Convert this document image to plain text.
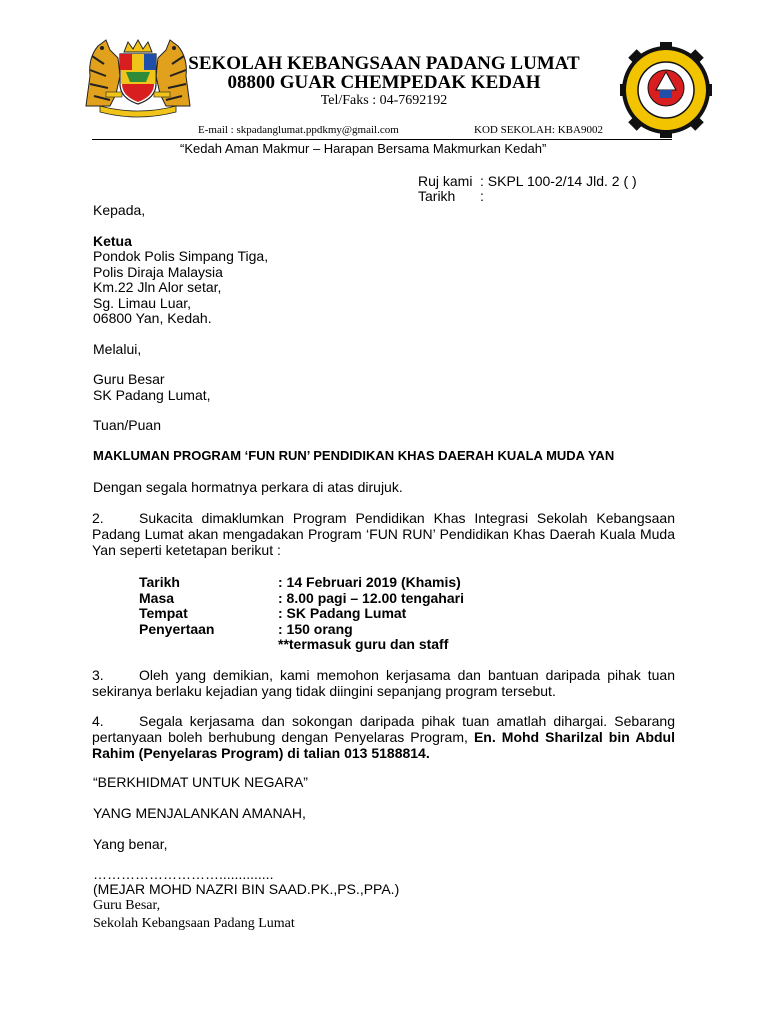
SEKOLAH KEBANGSAAN PADANG LUMAT
08800 GUAR CHEMPEDAK KEDAH
Tel/Faks : 04-7692192
E-mail : skpadanglumat.ppdkmy@gmail.com	KOD SEKOLAH: KBA9002
“Kedah Aman Makmur – Harapan Bersama Makmurkan Kedah”
Ruj kami : SKPL 100-2/14 Jld. 2 ( )
Tarikh :
Kepada,
Ketua
Pondok Polis Simpang Tiga,
Polis Diraja Malaysia
Km.22 Jln Alor setar,
Sg. Limau Luar,
06800 Yan, Kedah.
Melalui,
Guru Besar
SK Padang Lumat,
Tuan/Puan
MAKLUMAN PROGRAM ‘FUN RUN’ PENDIDIKAN KHAS DAERAH KUALA MUDA YAN
Dengan segala hormatnya perkara di atas dirujuk.
2.	Sukacita dimaklumkan Program Pendidikan Khas Integrasi Sekolah Kebangsaan Padang Lumat akan mengadakan Program ‘FUN RUN’ Pendidikan Khas Daerah Kuala Muda Yan seperti ketetapan berikut :
Tarikh	: 14 Februari 2019 (Khamis)
Masa	: 8.00 pagi – 12.00 tengahari
Tempat	: SK Padang Lumat
Penyertaan	: 150 orang
**termasuk guru dan staff
3.	Oleh yang demikian, kami memohon kerjasama dan bantuan daripada pihak tuan sekiranya berlaku kejadian yang tidak diingini sepanjang program tersebut.
4.	Segala kerjasama dan sokongan daripada pihak tuan amatlah dihargai. Sebarang pertanyaan boleh berhubung dengan Penyelaras Program, En. Mohd Sharilzal bin Abdul Rahim (Penyelaras Program) di talian 013 5188814.
“BERKHIDMAT UNTUK NEGARA”
YANG MENJALANKAN AMANAH,
Yang benar,
………………………..............
(MEJAR MOHD NAZRI BIN SAAD.PK.,PS.,PPA.)
Guru Besar,
Sekolah Kebangsaan Padang Lumat
